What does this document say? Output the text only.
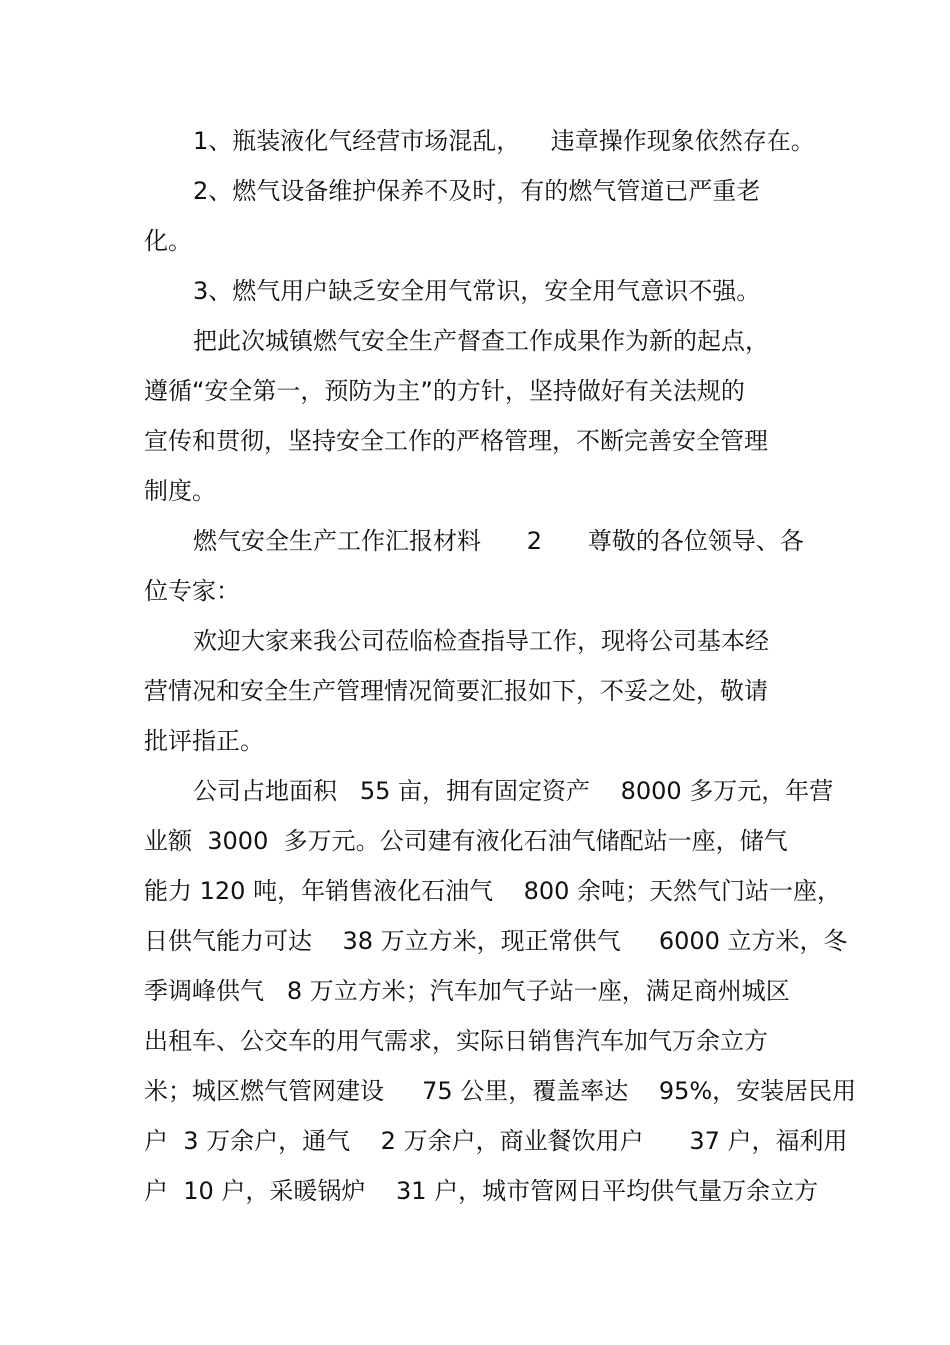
1、瓶装液化气经营市场混乱，    违章操作现象依然存在。
2、燃气设备维护保养不及时，有的燃气管道已严重老
化。
3、燃气用户缺乏安全用气常识，安全用气意识不强。
把此次城镇燃气安全生产督查工作成果作为新的起点，
遵循“安全第一，预防为主”的方针，坚持做好有关法规的
宣传和贯彻，坚持安全工作的严格管理，不断完善安全管理
制度。
燃气安全生产工作汇报材料      2      尊敬的各位领导、各
位专家：
欢迎大家来我公司莅临检查指导工作，现将公司基本经
营情况和安全生产管理情况简要汇报如下，不妥之处，敬请
批评指正。
公司占地面积   55 亩，拥有固定资产    8000 多万元，年营
业额  3000  多万元。公司建有液化石油气储配站一座，储气
能力 120 吨，年销售液化石油气    800 余吨；天然气门站一座，
日供气能力可达    38 万立方米，现正常供气     6000 立方米，冬
季调峰供气   8 万立方米；汽车加气子站一座，满足商州城区
出租车、公交车的用气需求，实际日销售汽车加气万余立方
米；城区燃气管网建设     75 公里，覆盖率达    95%，安装居民用
户  3 万余户，通气    2 万余户，商业餐饮用户      37 户，福利用
户  10 户，采暖锅炉    31 户，城市管网日平均供气量万余立方
